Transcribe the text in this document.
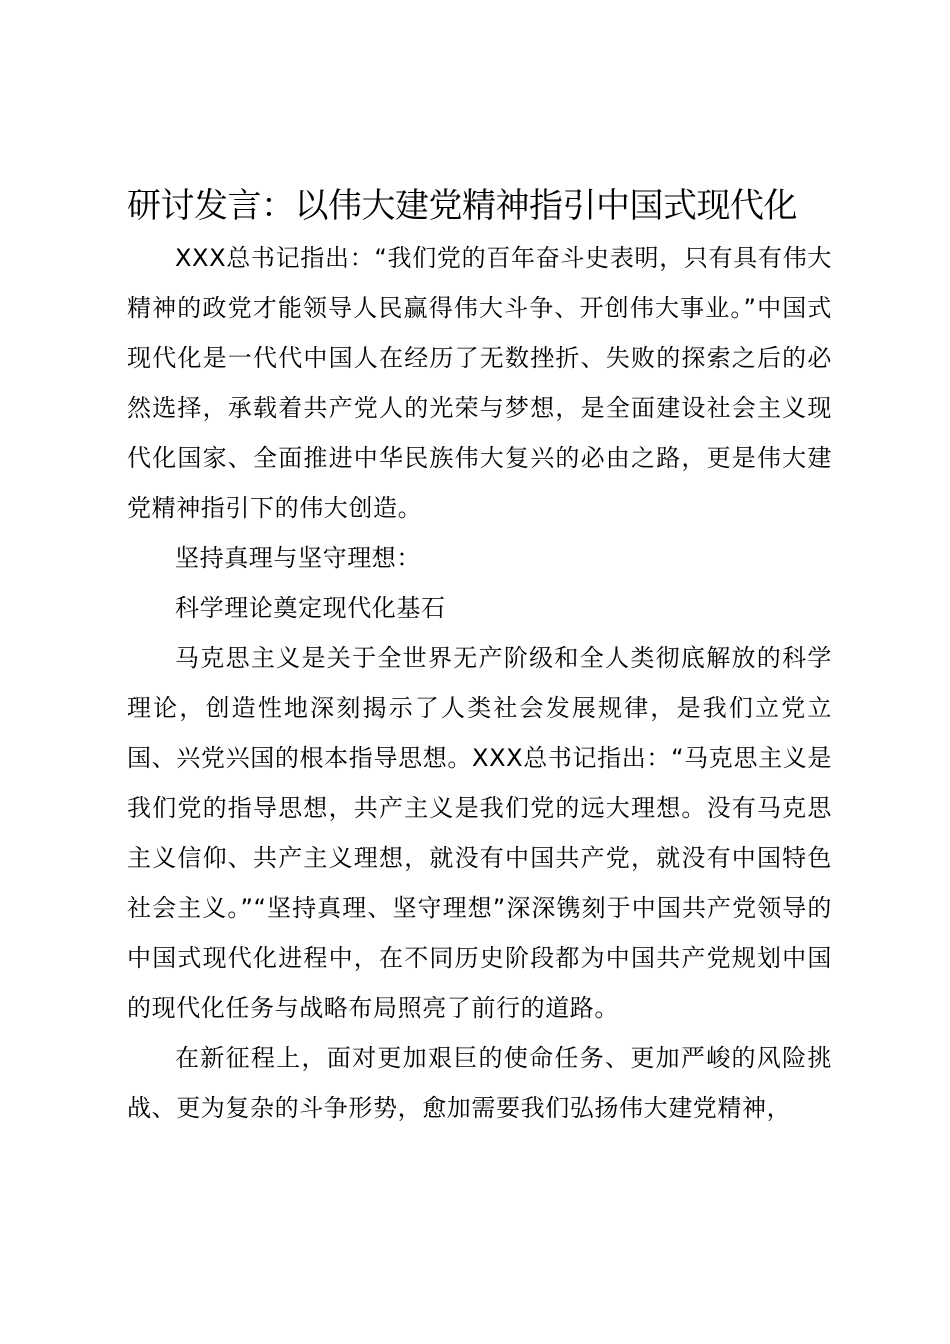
研讨发言：以伟大建党精神指引中国式现代化

XXX总书记指出：“我们党的百年奋斗史表明，只有具有伟大精神的政党才能领导人民赢得伟大斗争、开创伟大事业。”中国式现代化是一代代中国人在经历了无数挫折、失败的探索之后的必然选择，承载着共产党人的光荣与梦想，是全面建设社会主义现代化国家、全面推进中华民族伟大复兴的必由之路，更是伟大建党精神指引下的伟大创造。

坚持真理与坚守理想：

科学理论奠定现代化基石

马克思主义是关于全世界无产阶级和全人类彻底解放的科学理论，创造性地深刻揭示了人类社会发展规律，是我们立党立国、兴党兴国的根本指导思想。XXX总书记指出：“马克思主义是我们党的指导思想，共产主义是我们党的远大理想。没有马克思主义信仰、共产主义理想，就没有中国共产党，就没有中国特色社会主义。”“坚持真理、坚守理想”深深镌刻于中国共产党领导的中国式现代化进程中，在不同历史阶段都为中国共产党规划中国的现代化任务与战略布局照亮了前行的道路。

在新征程上，面对更加艰巨的使命任务、更加严峻的风险挑战、更为复杂的斗争形势，愈加需要我们弘扬伟大建党精神，
